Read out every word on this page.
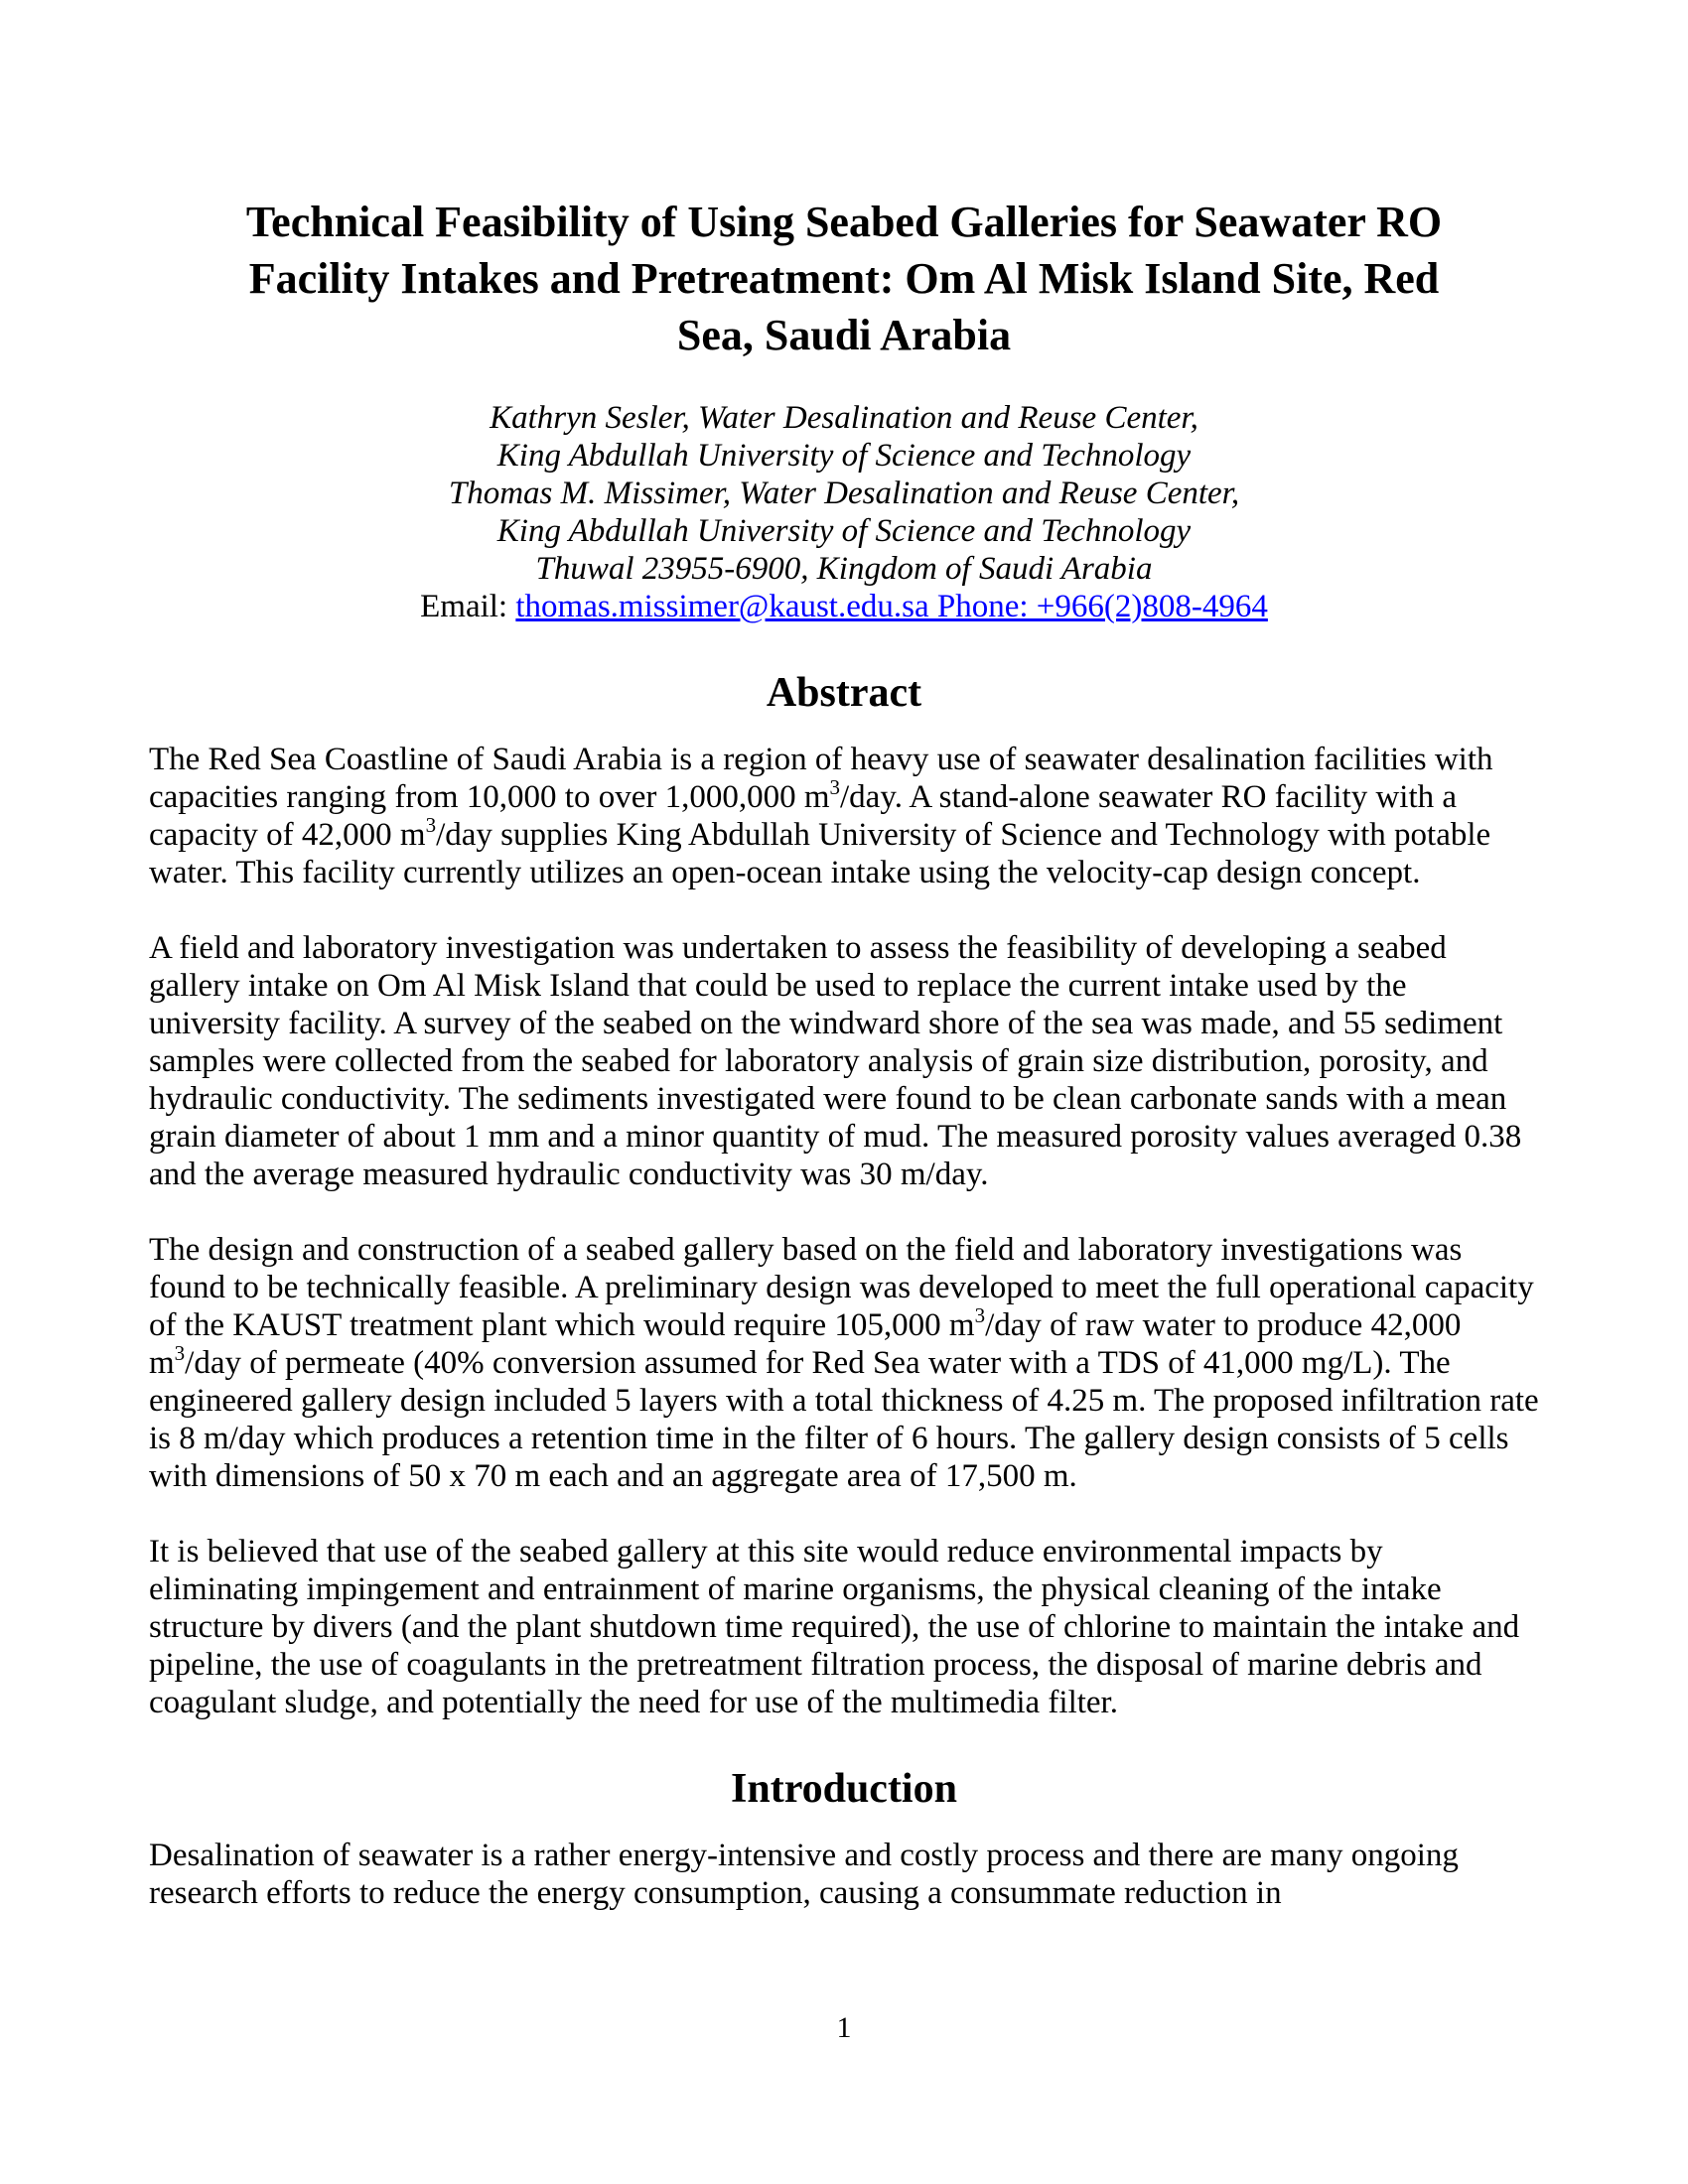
Technical Feasibility of Using Seabed Galleries for Seawater RO Facility Intakes and Pretreatment: Om Al Misk Island Site, Red Sea, Saudi Arabia
Kathryn Sesler, Water Desalination and Reuse Center,
King Abdullah University of Science and Technology
Thomas M. Missimer, Water Desalination and Reuse Center,
King Abdullah University of Science and Technology
Thuwal 23955-6900, Kingdom of Saudi Arabia
Email: thomas.missimer@kaust.edu.sa Phone: +966(2)808-4964
Abstract

The Red Sea Coastline of Saudi Arabia is a region of heavy use of seawater desalination facilities with capacities ranging from 10,000 to over 1,000,000 $m^3$/day. A stand-alone seawater RO facility with a capacity of 42,000 $m^3$/day supplies King Abdullah University of Science and Technology with potable water. This facility currently utilizes an open-ocean intake using the velocity-cap design concept.

A field and laboratory investigation was undertaken to assess the feasibility of developing a seabed gallery intake on Om Al Misk Island that could be used to replace the current intake used by the university facility. A survey of the seabed on the windward shore of the sea was made, and 55 sediment samples were collected from the seabed for laboratory analysis of grain size distribution, porosity, and hydraulic conductivity. The sediments investigated were found to be clean carbonate sands with a mean grain diameter of about 1 mm and a minor quantity of mud. The measured porosity values averaged 0.38 and the average measured hydraulic conductivity was 30 m/day.

The design and construction of a seabed gallery based on the field and laboratory investigations was found to be technically feasible. A preliminary design was developed to meet the full operational capacity of the KAUST treatment plant which would require 105,000 $m^3$/day of raw water to produce 42,000 $m^3$/day of permeate (40% conversion assumed for Red Sea water with a TDS of 41,000 mg/L). The engineered gallery design included 5 layers with a total thickness of 4.25 m. The proposed infiltration rate is 8 m/day which produces a retention time in the filter of 6 hours. The gallery design consists of 5 cells with dimensions of 50 x 70 m each and an aggregate area of 17,500 m.

It is believed that use of the seabed gallery at this site would reduce environmental impacts by eliminating impingement and entrainment of marine organisms, the physical cleaning of the intake structure by divers (and the plant shutdown time required), the use of chlorine to maintain the intake and pipeline, the use of coagulants in the pretreatment filtration process, the disposal of marine debris and coagulant sludge, and potentially the need for use of the multimedia filter.

Introduction

Desalination of seawater is a rather energy-intensive and costly process and there are many ongoing research efforts to reduce the energy consumption, causing a consummate reduction in

1
